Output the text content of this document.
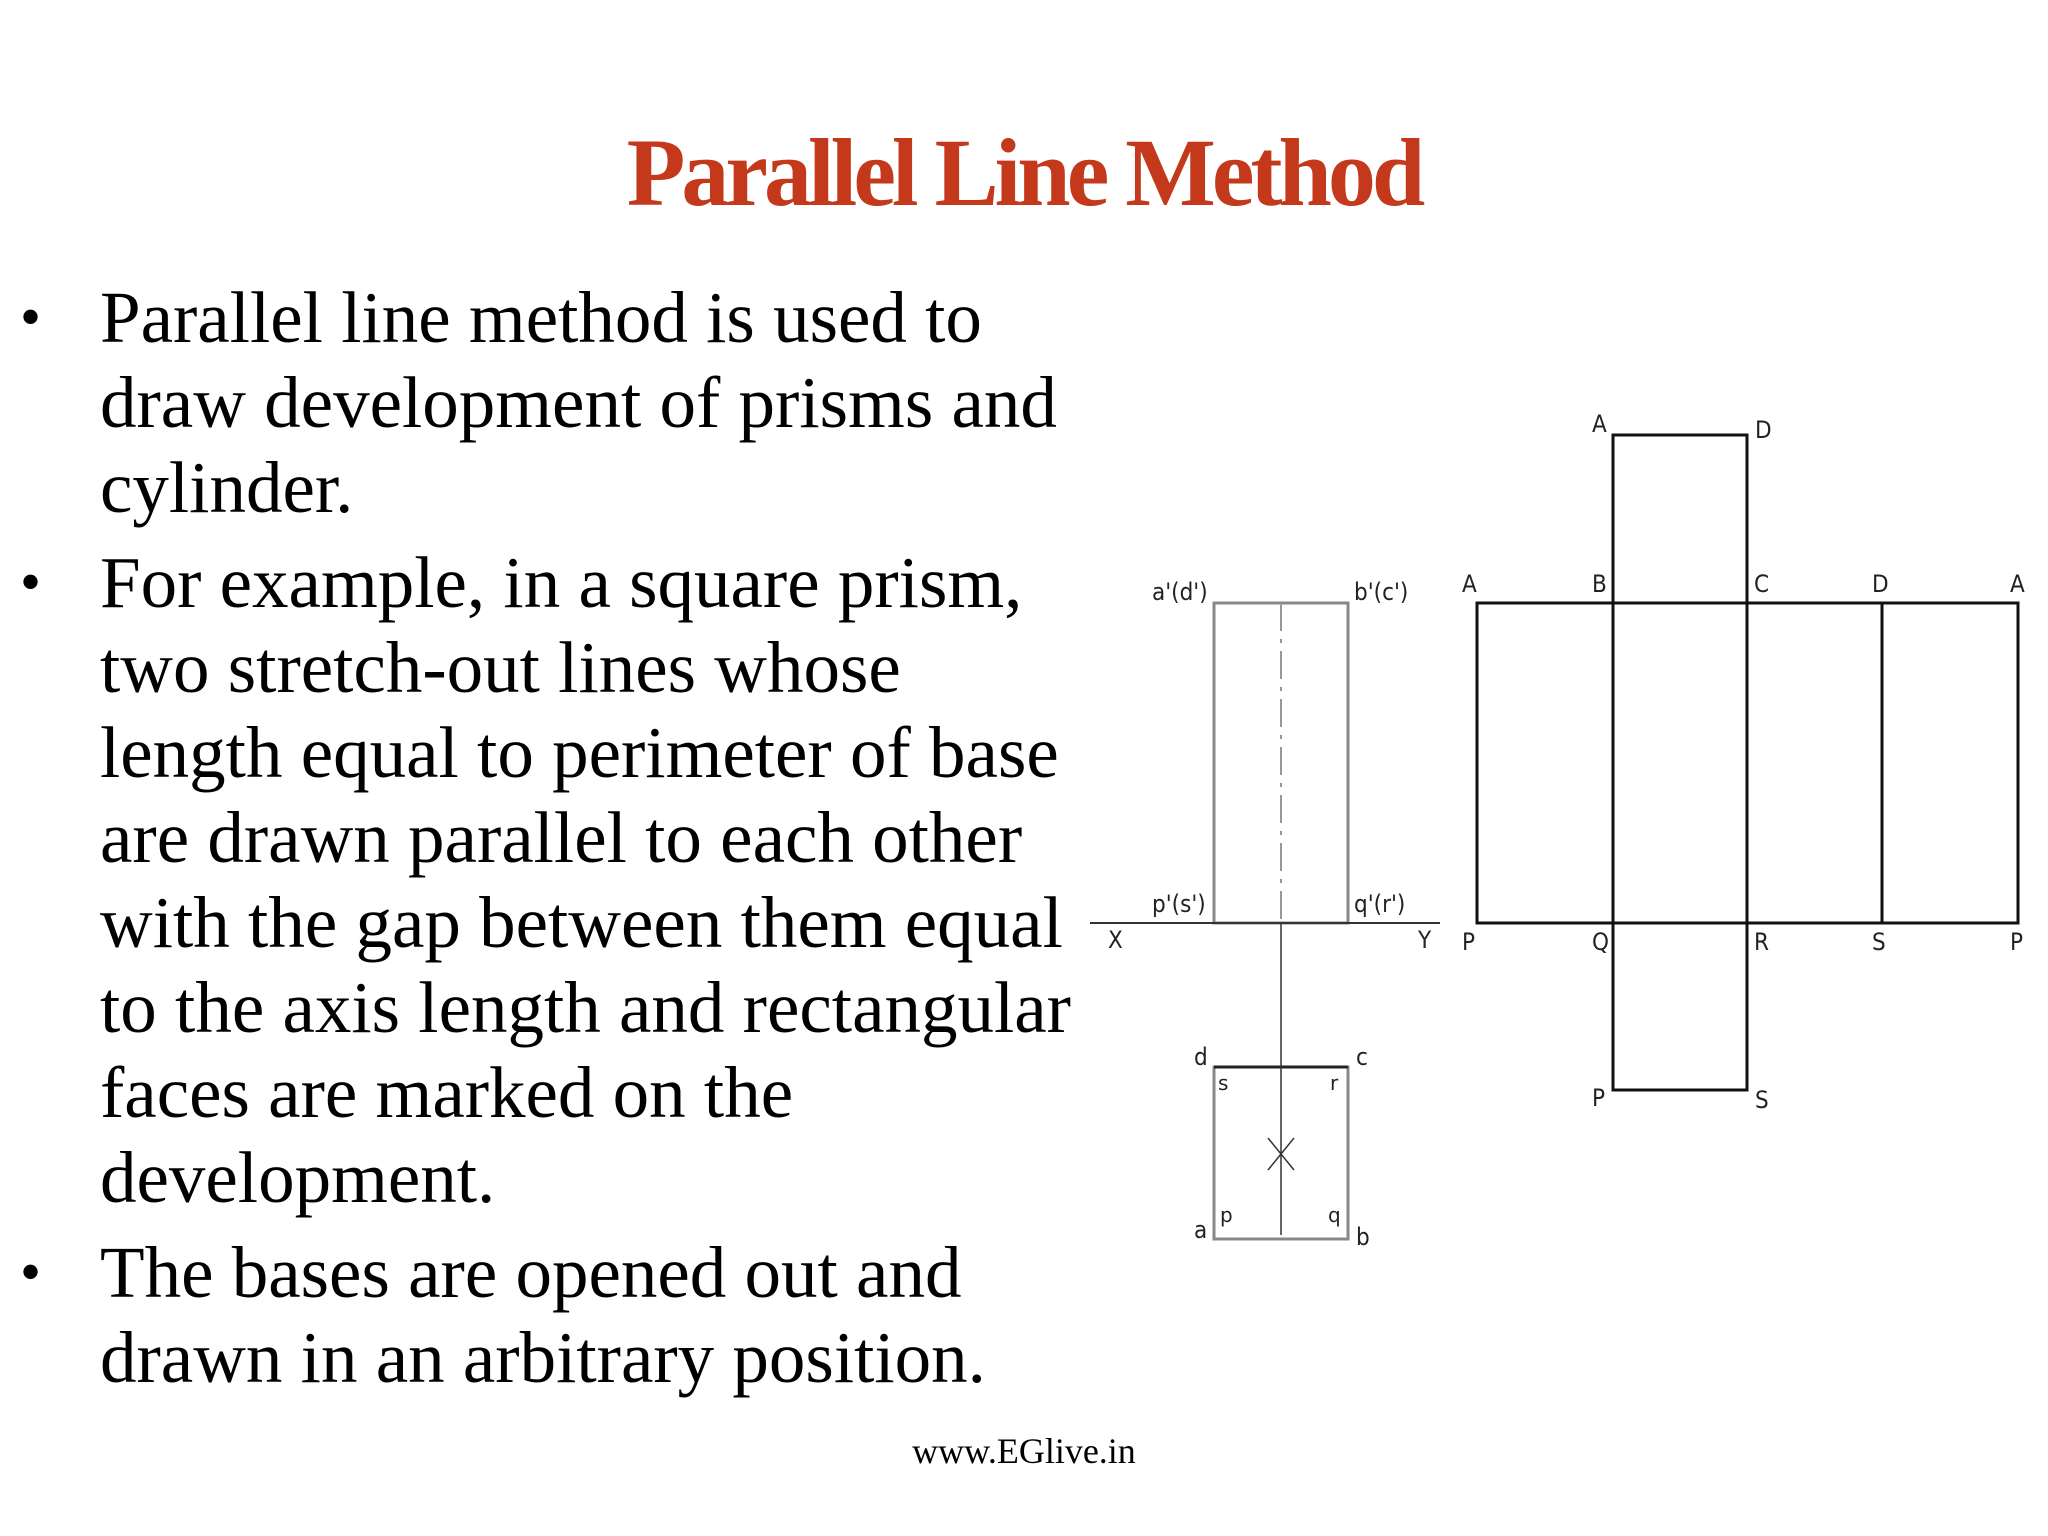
Parallel Line Method
• Parallel line method is used to draw development of prisms and cylinder.
• For example, in a square prism, two stretch-out lines whose length equal to perimeter of base are drawn parallel to each other with the gap between them equal to the axis length and rectangular faces are marked on the development.
• The bases are opened out and drawn in an arbitrary position.
a'(d')	b'(c')
p'(s')	q'(r')
X	Y
d	c
s	r
a	b
p	q
A	D
A	B	C	D	A
P	Q	R	S	P
P	S
www.EGlive.in
